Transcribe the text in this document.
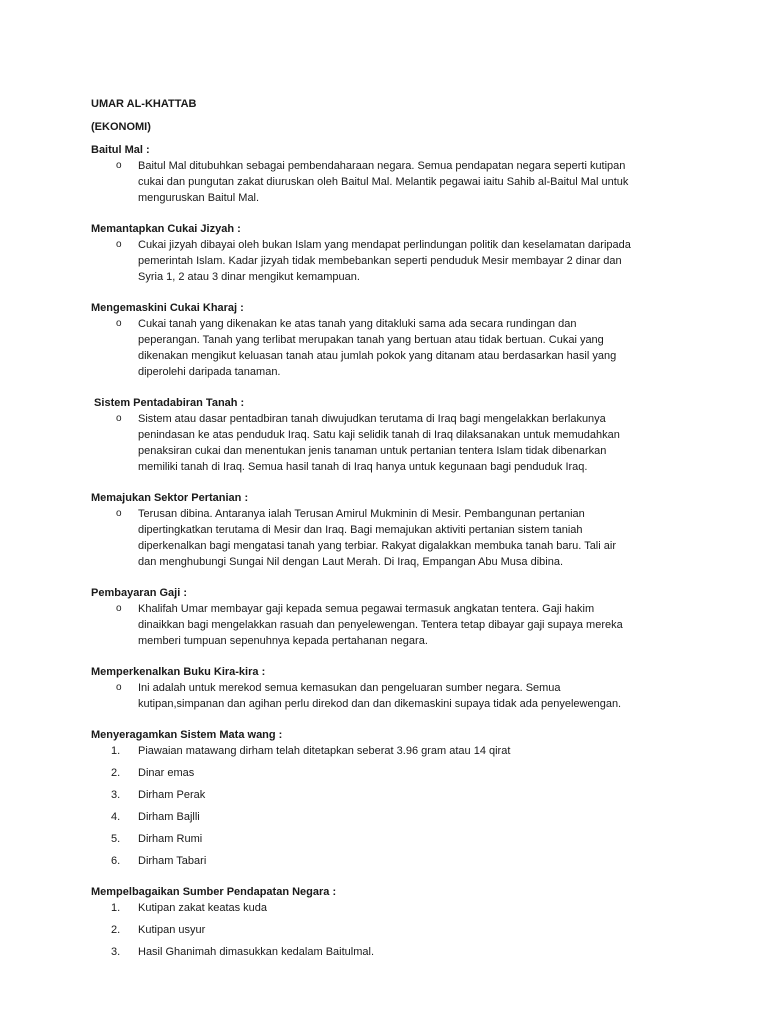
UMAR AL-KHATTAB
(EKONOMI)
Baitul Mal :
o Baitul Mal ditubuhkan sebagai pembendaharaan negara. Semua pendapatan negara seperti kutipan
cukai dan pungutan zakat diuruskan oleh Baitul Mal. Melantik pegawai iaitu Sahib al-Baitul Mal untuk
menguruskan Baitul Mal.
Memantapkan Cukai Jizyah :
o Cukai jizyah dibayai oleh bukan Islam yang mendapat perlindungan politik dan keselamatan daripada
pemerintah Islam. Kadar jizyah tidak membebankan seperti penduduk Mesir membayar 2 dinar dan
Syria 1, 2 atau 3 dinar mengikut kemampuan.
Mengemaskini Cukai Kharaj :
o Cukai tanah yang dikenakan ke atas tanah yang ditakluki sama ada secara rundingan dan
peperangan. Tanah yang terlibat merupakan tanah yang bertuan atau tidak bertuan. Cukai yang
dikenakan mengikut keluasan tanah atau jumlah pokok yang ditanam atau berdasarkan hasil yang
diperolehi daripada tanaman.
Sistem Pentadabiran Tanah :
o Sistem atau dasar pentadbiran tanah diwujudkan terutama di Iraq bagi mengelakkan berlakunya
penindasan ke atas penduduk Iraq. Satu kaji selidik tanah di Iraq dilaksanakan untuk memudahkan
penaksiran cukai dan menentukan jenis tanaman untuk pertanian tentera Islam tidak dibenarkan
memiliki tanah di Iraq. Semua hasil tanah di Iraq hanya untuk kegunaan bagi penduduk Iraq.
Memajukan Sektor Pertanian :
o Terusan dibina. Antaranya ialah Terusan Amirul Mukminin di Mesir. Pembangunan pertanian
dipertingkatkan terutama di Mesir dan Iraq. Bagi memajukan aktiviti pertanian sistem taniah
diperkenalkan bagi mengatasi tanah yang terbiar. Rakyat digalakkan membuka tanah baru. Tali air
dan menghubungi Sungai Nil dengan Laut Merah. Di Iraq, Empangan Abu Musa dibina.
Pembayaran Gaji :
o Khalifah Umar membayar gaji kepada semua pegawai termasuk angkatan tentera. Gaji hakim
dinaikkan bagi mengelakkan rasuah dan penyelewengan. Tentera tetap dibayar gaji supaya mereka
memberi tumpuan sepenuhnya kepada pertahanan negara.
Memperkenalkan Buku Kira-kira :
o Ini adalah untuk merekod semua kemasukan dan pengeluaran sumber negara. Semua
kutipan,simpanan dan agihan perlu direkod dan dan dikemaskini supaya tidak ada penyelewengan.
Menyeragamkan Sistem Mata wang :
1. Piawaian matawang dirham telah ditetapkan seberat 3.96 gram atau 14 qirat
2. Dinar emas
3. Dirham Perak
4. Dirham Bajlli
5. Dirham Rumi
6. Dirham Tabari
Mempelbagaikan Sumber Pendapatan Negara :
1. Kutipan zakat keatas kuda
2. Kutipan usyur
3. Hasil Ghanimah dimasukkan kedalam Baitulmal.
